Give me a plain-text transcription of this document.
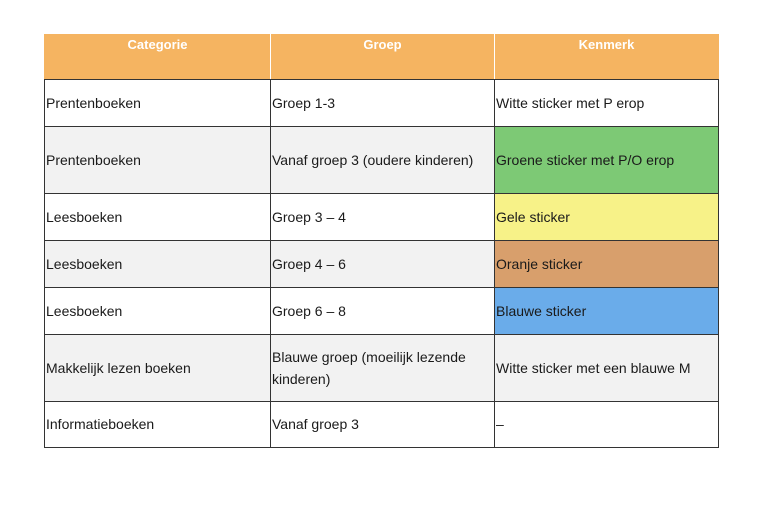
Categorie	Groep	Kenmerk
Prentenboeken	Groep 1-3	Witte sticker met P erop
Prentenboeken	Vanaf groep 3 (oudere kinderen)	Groene sticker met P/O erop
Leesboeken	Groep 3 – 4	Gele sticker
Leesboeken	Groep 4 – 6	Oranje sticker
Leesboeken	Groep 6 – 8	Blauwe sticker
Makkelijk lezen boeken	Blauwe groep (moeilijk lezende kinderen)	Witte sticker met een blauwe M
Informatieboeken	Vanaf groep 3	–
